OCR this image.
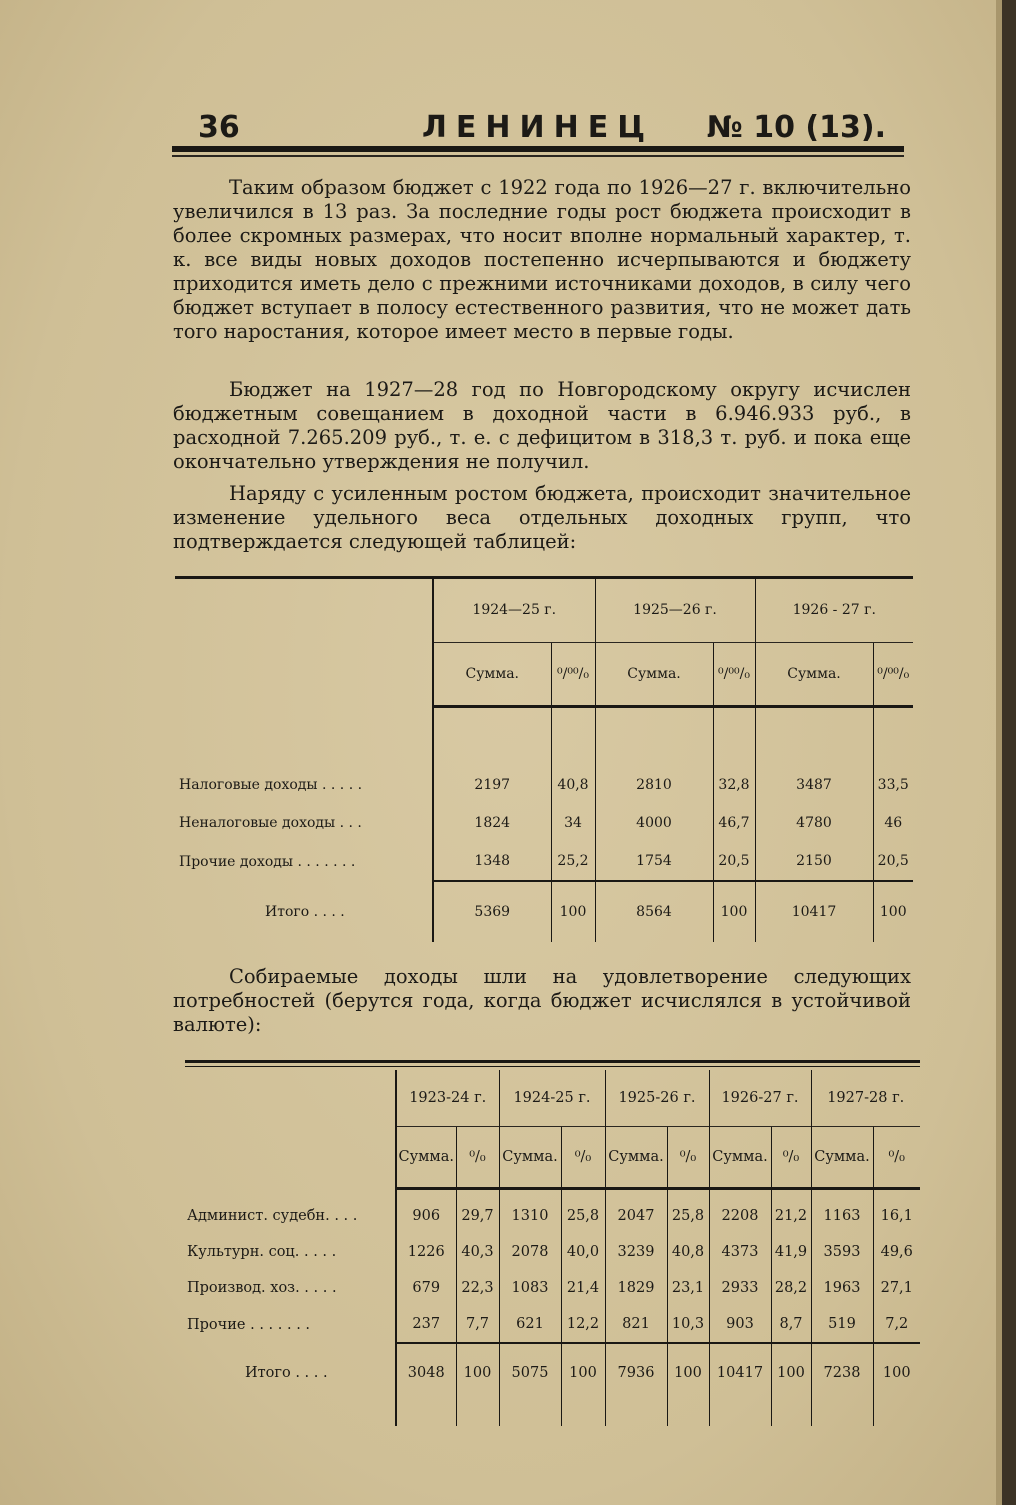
36	ЛЕНИНЕЦ № 10 (13).

Таким образом бюджет с 1922 года по 1926—27 г. включительно увеличился в 13 раз. За последние годы рост бюджета происходит в более скромных размерах, что носит вполне нормальный характер, т. к. все виды новых доходов постепенно исчерпываются и бюджету приходится иметь дело с прежними источниками доходов, в силу чего бюджет вступает в полосу естественного развития, что не может дать того наростания, которое имеет место в первые годы.

Бюджет на 1927—28 год по Новгородскому округу исчислен бюджетным совещанием в доходной части в 6.946.933 руб., в расходной 7.265.209 руб., т. е. с дефицитом в 318,3 т. руб. и пока еще окончательно утверждения не получил.

Наряду с усиленным ростом бюджета, происходит значительное изменение удельного веса отдельных доходных групп, что подтверждается следующей таблицей:

	1924—25 г.		1925—26 г.		1926 - 27 г.	
	Сумма.	⁰/⁰⁰/₀	Сумма.	⁰/⁰⁰/₀	Сумма.	⁰/⁰⁰/₀

Налоговые доходы . . . . .	2197	40,8	2810	32,8	3487	33,5
Неналоговые доходы . . .	1824	34	4000	46,7	4780	46
Прочие доходы . . . . . . .	1348	25,2	1754	20,5	2150	20,5
Итого . . . .	5369	100	8564	100	10417	100

Собираемые доходы шли на удовлетворение следующих потребностей (берутся года, когда бюджет исчислялся в устойчивой валюте):

	1923-24 г.		1924-25 г.		1925-26 г.		1926-27 г.		1927-28 г.	
	Сумма.	⁰/₀	Сумма.	⁰/₀	Сумма.	⁰/₀	Сумма.	⁰/₀	Сумма.	⁰/₀

Админист. судебн. . . .	906	29,7	1310	25,8	2047	25,8	2208	21,2	1163	16,1
Культурн. соц. . . . .	1226	40,3	2078	40,0	3239	40,8	4373	41,9	3593	49,6
Производ. хоз. . . . .	679	22,3	1083	21,4	1829	23,1	2933	28,2	1963	27,1
Прочие . . . . . . .	237	7,7	621	12,2	821	10,3	903	8,7	519	7,2
Итого . . . .	3048	100	5075	100	7936	100	10417	100	7238	100
